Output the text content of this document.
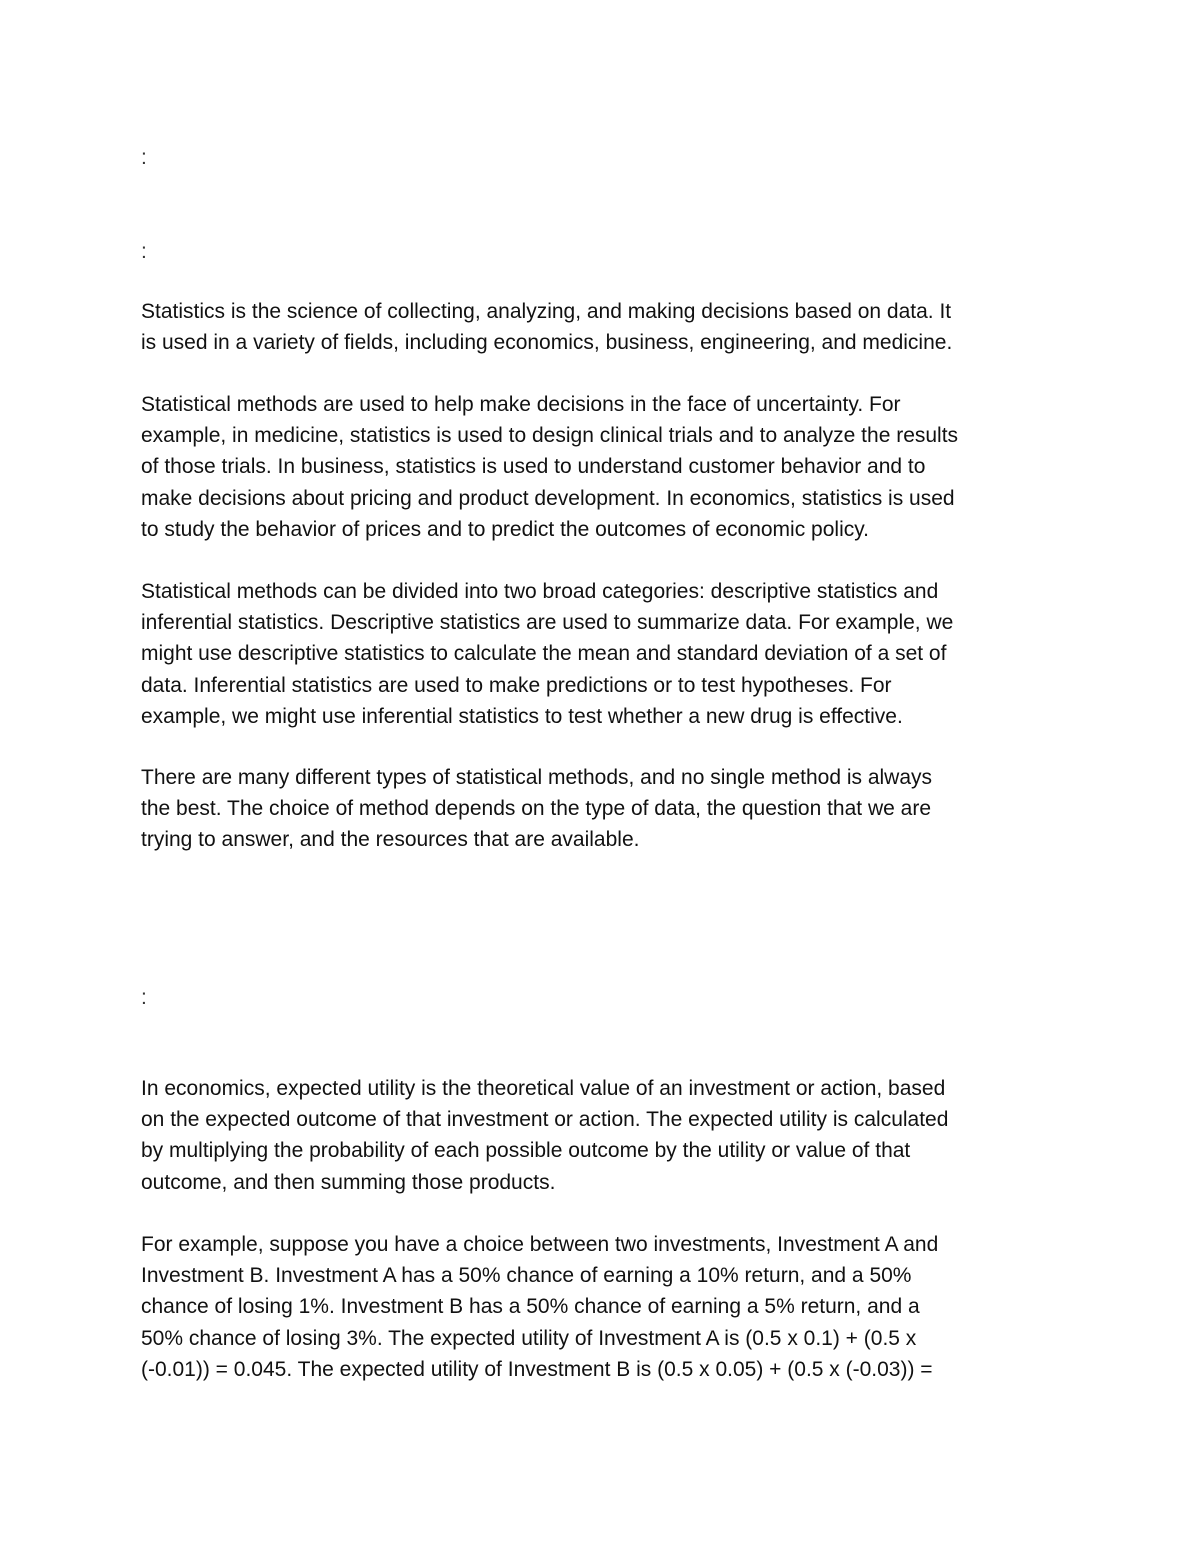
:
:

Statistics is the science of collecting, analyzing, and making decisions based on data. It
is used in a variety of fields, including economics, business, engineering, and medicine.

Statistical methods are used to help make decisions in the face of uncertainty. For
example, in medicine, statistics is used to design clinical trials and to analyze the results
of those trials. In business, statistics is used to understand customer behavior and to
make decisions about pricing and product development. In economics, statistics is used
to study the behavior of prices and to predict the outcomes of economic policy.

Statistical methods can be divided into two broad categories: descriptive statistics and
inferential statistics. Descriptive statistics are used to summarize data. For example, we
might use descriptive statistics to calculate the mean and standard deviation of a set of
data. Inferential statistics are used to make predictions or to test hypotheses. For
example, we might use inferential statistics to test whether a new drug is effective.

There are many different types of statistical methods, and no single method is always
the best. The choice of method depends on the type of data, the question that we are
trying to answer, and the resources that are available.

:

In economics, expected utility is the theoretical value of an investment or action, based
on the expected outcome of that investment or action. The expected utility is calculated
by multiplying the probability of each possible outcome by the utility or value of that
outcome, and then summing those products.

For example, suppose you have a choice between two investments, Investment A and
Investment B. Investment A has a 50% chance of earning a 10% return, and a 50%
chance of losing 1%. Investment B has a 50% chance of earning a 5% return, and a
50% chance of losing 3%. The expected utility of Investment A is (0.5 x 0.1) + (0.5 x
(-0.01)) = 0.045. The expected utility of Investment B is (0.5 x 0.05) + (0.5 x (-0.03)) =
